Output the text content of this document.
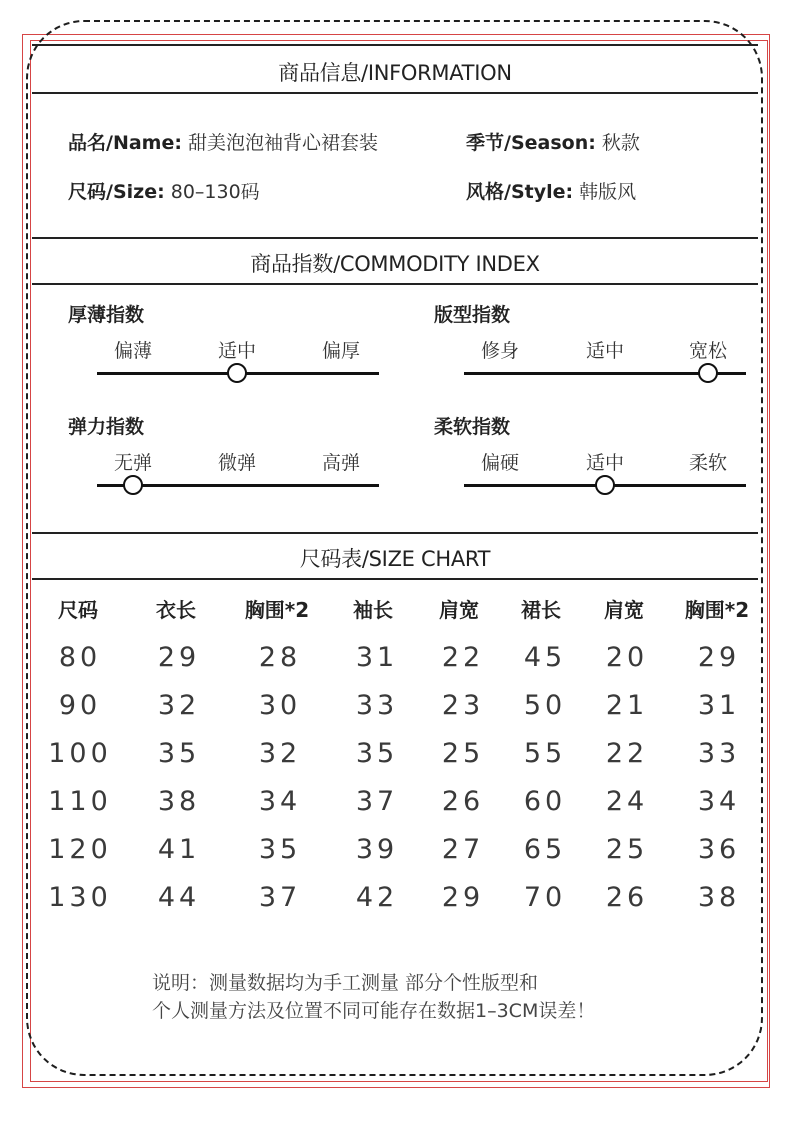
商品信息/INFORMATION
品名/Name: 甜美泡泡袖背心裙套装	季节/Season: 秋款
尺码/Size: 80–130码	风格/Style: 韩版风
商品指数/COMMODITY INDEX
厚薄指数
偏薄	适中	偏厚
版型指数
修身	适中	宽松
弹力指数
无弹	微弹	高弹
柔软指数
偏硬	适中	柔软
尺码表/SIZE CHART
尺码	衣长	胸围*2	袖长	肩宽	裙长	肩宽	胸围*2
80	29	28	31	22	45	20	29
90	32	30	33	23	50	21	31
100	35	32	35	25	55	22	33
110	38	34	37	26	60	24	34
120	41	35	39	27	65	25	36
130	44	37	42	29	70	26	38
说明：测量数据均为手工测量 部分个性版型和
个人测量方法及位置不同可能存在数据1–3CM误差！
